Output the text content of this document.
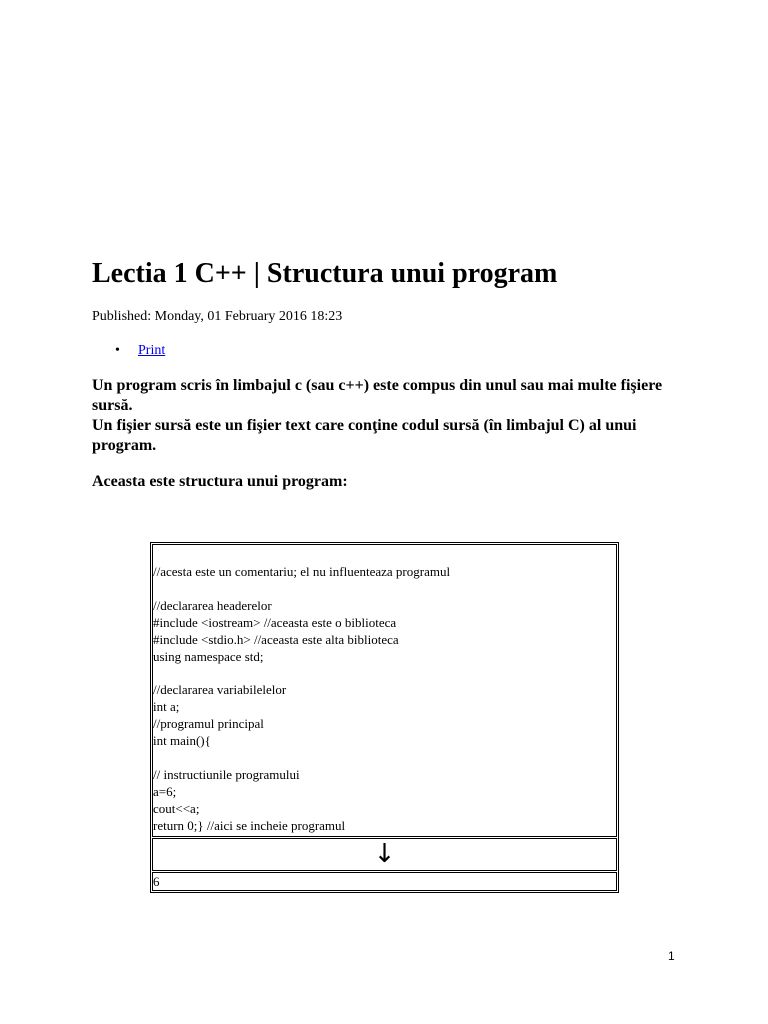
Lectia 1 C++ | Structura unui program
Published: Monday, 01 February 2016 18:23
• Print

Un program scris în limbajul c (sau c++) este compus din unul sau mai multe fişiere sursă.

Un fişier sursă este un fişier text care conţine codul sursă (în limbajul C) al unui program.

Aceasta este structura unui program:
//acesta este un comentariu; el nu influenteaza programul
//declararea headerelor
#include <iostream> //aceasta este o biblioteca
#include <stdio.h> //aceasta este alta biblioteca
using namespace std;
//declararea variabilelelor
int a;
//programul principal
int main(){
// instructiunile programului
a=6;
cout<<a;
return 0;} //aici se incheie programul
↓
6
1
